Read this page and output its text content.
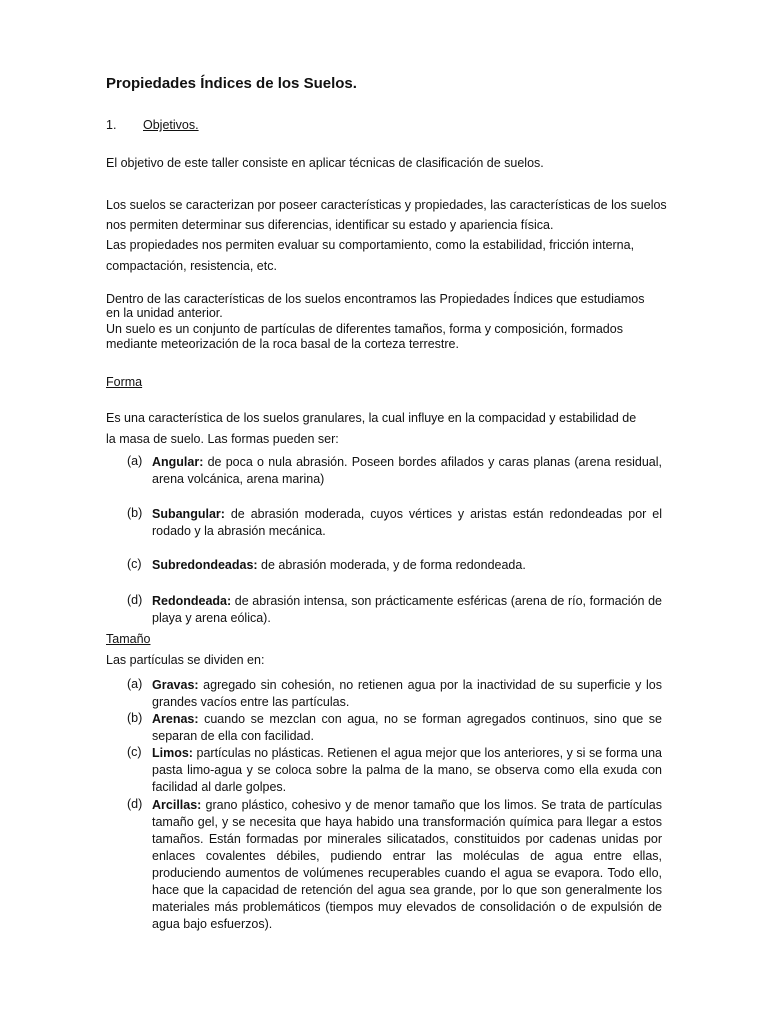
Propiedades Índices de los Suelos.
1. Objetivos.
El objetivo de este taller consiste en aplicar técnicas de clasificación de suelos.
Los suelos se caracterizan por poseer características y propiedades, las características de los suelos
nos permiten determinar sus diferencias, identificar su estado y apariencia física.
Las propiedades nos permiten evaluar su comportamiento, como la estabilidad, fricción interna,
compactación, resistencia, etc.
Dentro de las características de los suelos encontramos las Propiedades Índices que estudiamos
en la unidad anterior.
Un suelo es un conjunto de partículas de diferentes tamaños, forma y composición, formados
mediante meteorización de la roca basal de la corteza terrestre.
Forma
Es una característica de los suelos granulares, la cual influye en la compacidad y estabilidad de
la masa de suelo. Las formas pueden ser:
(a) Angular: de poca o nula abrasión. Poseen bordes afilados y caras planas (arena residual,
arena volcánica, arena marina)
(b) Subangular: de abrasión moderada, cuyos vértices y aristas están redondeadas por el
rodado y la abrasión mecánica.
(c) Subredondeadas: de abrasión moderada, y de forma redondeada.
(d) Redondeada: de abrasión intensa, son prácticamente esféricas (arena de río, formación de
playa y arena eólica).
Tamaño
Las partículas se dividen en:
(a) Gravas: agregado sin cohesión, no retienen agua por la inactividad de su superficie y los
grandes vacíos entre las partículas.
(b) Arenas: cuando se mezclan con agua, no se forman agregados continuos, sino que se
separan de ella con facilidad.
(c) Limos: partículas no plásticas. Retienen el agua mejor que los anteriores, y si se forma una
pasta limo-agua y se coloca sobre la palma de la mano, se observa como ella exuda con
facilidad al darle golpes.
(d) Arcillas: grano plástico, cohesivo y de menor tamaño que los limos. Se trata de partículas
tamaño gel, y se necesita que haya habido una transformación química para llegar a estos
tamaños. Están formadas por minerales silicatados, constituidos por cadenas unidas por
enlaces covalentes débiles, pudiendo entrar las moléculas de agua entre ellas,
produciendo aumentos de volúmenes recuperables cuando el agua se evapora. Todo ello,
hace que la capacidad de retención del agua sea grande, por lo que son generalmente los
materiales más problemáticos (tiempos muy elevados de consolidación o de expulsión de
agua bajo esfuerzos).
